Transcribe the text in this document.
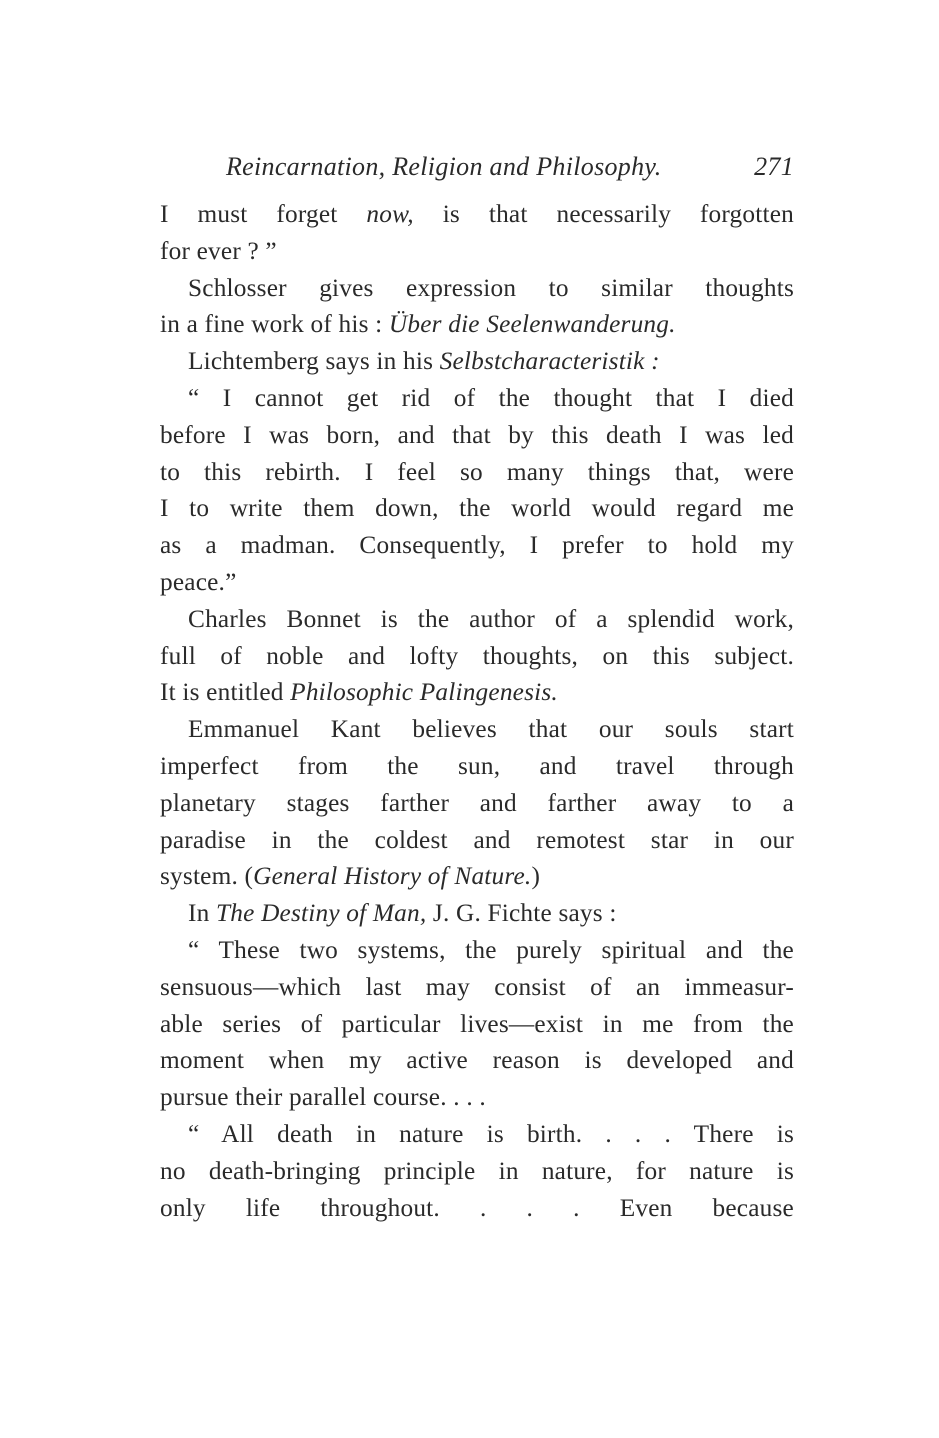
Reincarnation, Religion and Philosophy.	271

I must forget now, is that necessarily forgotten
for ever ? ”

Schlosser gives expression to similar thoughts
in a fine work of his : Über die Seelenwanderung.

Lichtemberg says in his Selbstcharacteristik :

“ I cannot get rid of the thought that I died
before I was born, and that by this death I was led
to this rebirth. I feel so many things that, were
I to write them down, the world would regard me
as a madman. Consequently, I prefer to hold my
peace.”

Charles Bonnet is the author of a splendid work,
full of noble and lofty thoughts, on this subject.
It is entitled Philosophic Palingenesis.

Emmanuel Kant believes that our souls start
imperfect from the sun, and travel through
planetary stages farther and farther away to a
paradise in the coldest and remotest star in our
system. (General History of Nature.)

In The Destiny of Man, J. G. Fichte says :

“ These two systems, the purely spiritual and the
sensuous—which last may consist of an immeasur-
able series of particular lives—exist in me from the
moment when my active reason is developed and
pursue their parallel course. . . .

“ All death in nature is birth. . . . There is
no death-bringing principle in nature, for nature is
only life throughout. . . . Even because
